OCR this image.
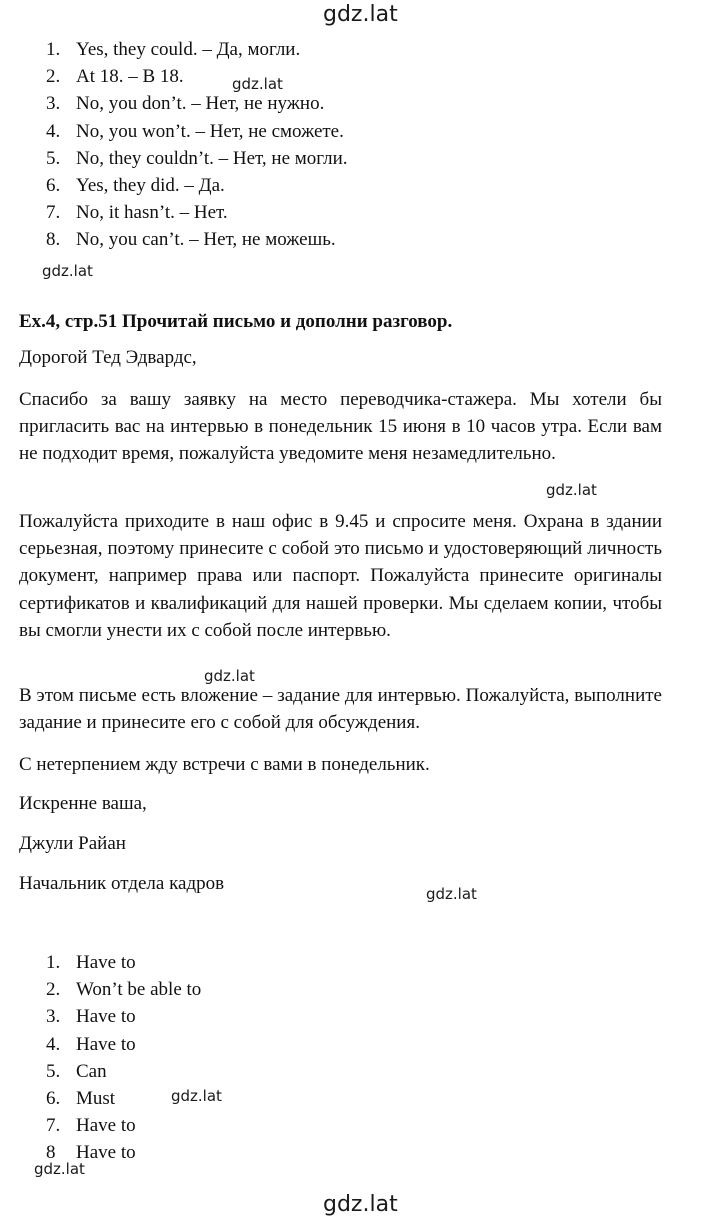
gdz.lat
gdz.lat
gdz.lat
gdz.lat
gdz.lat
gdz.lat
gdz.lat
gdz.lat
gdz.lat
1. Yes, they could. – Да, могли.
2. At 18. – В 18.
3. No, you don’t. – Нет, не нужно.
4. No, you won’t. – Нет, не сможете.
5. No, they couldn’t. – Нет, не могли.
6. Yes, they did. – Да.
7. No, it hasn’t. – Нет.
8. No, you can’t. – Нет, не можешь.

Ex.4, стр.51 Прочитай письмо и дополни разговор.

Дорогой Тед Эдвардс,

Спасибо за вашу заявку на место переводчика-стажера. Мы хотели бы пригласить вас на интервью в понедельник 15 июня в 10 часов утра. Если вам не подходит время, пожалуйста уведомите меня незамедлительно.

Пожалуйста приходите в наш офис в 9.45 и спросите меня. Охрана в здании серьезная, поэтому принесите с собой это письмо и удостоверяющий личность документ, например права или паспорт. Пожалуйста принесите оригиналы сертификатов и квалификаций для нашей проверки. Мы сделаем копии, чтобы вы смогли унести их с собой после интервью.

В этом письме есть вложение – задание для интервью. Пожалуйста, выполните задание и принесите его с собой для обсуждения.

С нетерпением жду встречи с вами в понедельник.

Искренне ваша,

Джули Райан

Начальник отдела кадров

1. Have to
2. Won’t be able to
3. Have to
4. Have to
5. Can
6. Must
7. Have to
8 Have to
